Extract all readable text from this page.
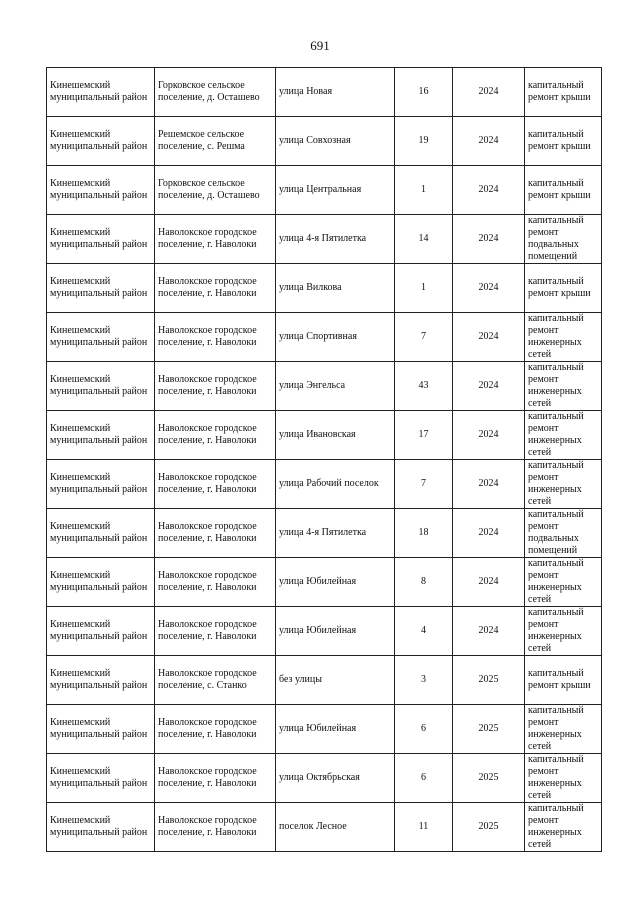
691
Кинешемский муниципальный район	Горковское сельское поселение, д. Осташево	улица Новая	16	2024	капитальный ремонт крыши
Кинешемский муниципальный район	Решемское сельское поселение, с. Решма	улица Совхозная	19	2024	капитальный ремонт крыши
Кинешемский муниципальный район	Горковское сельское поселение, д. Осташево	улица Центральная	1	2024	капитальный ремонт крыши
Кинешемский муниципальный район	Наволокское городское поселение, г. Наволоки	улица 4-я Пятилетка	14	2024	капитальный ремонт подвальных помещений
Кинешемский муниципальный район	Наволокское городское поселение, г. Наволоки	улица Вилкова	1	2024	капитальный ремонт крыши
Кинешемский муниципальный район	Наволокское городское поселение, г. Наволоки	улица Спортивная	7	2024	капитальный ремонт инженерных сетей
Кинешемский муниципальный район	Наволокское городское поселение, г. Наволоки	улица Энгельса	43	2024	капитальный ремонт инженерных сетей
Кинешемский муниципальный район	Наволокское городское поселение, г. Наволоки	улица Ивановская	17	2024	капитальный ремонт инженерных сетей
Кинешемский муниципальный район	Наволокское городское поселение, г. Наволоки	улица Рабочий поселок	7	2024	капитальный ремонт инженерных сетей
Кинешемский муниципальный район	Наволокское городское поселение, г. Наволоки	улица 4-я Пятилетка	18	2024	капитальный ремонт подвальных помещений
Кинешемский муниципальный район	Наволокское городское поселение, г. Наволоки	улица Юбилейная	8	2024	капитальный ремонт инженерных сетей
Кинешемский муниципальный район	Наволокское городское поселение, г. Наволоки	улица Юбилейная	4	2024	капитальный ремонт инженерных сетей
Кинешемский муниципальный район	Наволокское городское поселение, с. Станко	без улицы	3	2025	капитальный ремонт крыши
Кинешемский муниципальный район	Наволокское городское поселение, г. Наволоки	улица Юбилейная	6	2025	капитальный ремонт инженерных сетей
Кинешемский муниципальный район	Наволокское городское поселение, г. Наволоки	улица Октябрьская	6	2025	капитальный ремонт инженерных сетей
Кинешемский муниципальный район	Наволокское городское поселение, г. Наволоки	поселок Лесное	11	2025	капитальный ремонт инженерных сетей
